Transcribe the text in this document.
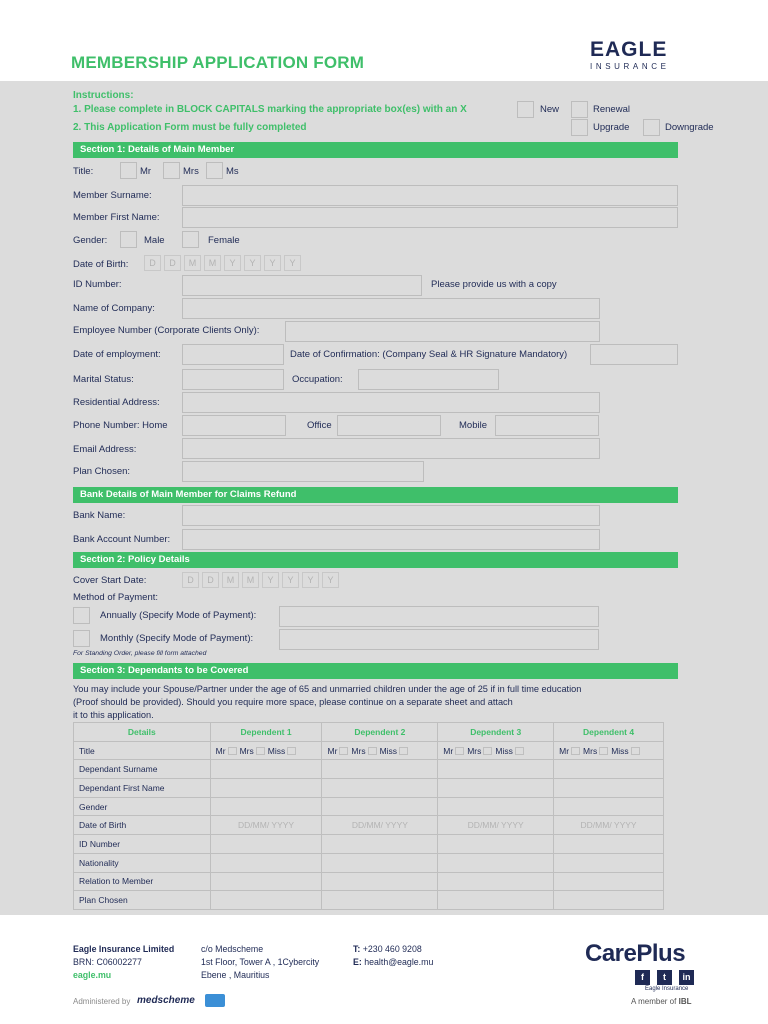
MEMBERSHIP APPLICATION FORM
EAGLE
INSURANCE
Instructions:
1. Please complete in BLOCK CAPITALS marking the appropriate box(es) with an X
2. This Application Form must be fully completed
New	Renewal
Upgrade	Downgrade
Section 1: Details of Main Member
Title:	Mr	Mrs	Ms
Member Surname:
Member First Name:
Gender:	Male	Female
Date of Birth:	D	D	M	M	Y	Y	Y	Y
ID Number:	Please provide us with a copy
Name of Company:
Employee Number (Corporate Clients Only):
Date of employment:	Date of Confirmation: (Company Seal & HR Signature Mandatory)
Marital Status:	Occupation:
Residential Address:
Phone Number: Home	Office	Mobile
Email Address:
Plan Chosen:
Bank Details of Main Member for Claims Refund
Bank Name:
Bank Account Number:
Section 2: Policy Details
Cover Start Date:	D	D	M	M	Y	Y	Y	Y
Method of Payment:
Annually (Specify Mode of Payment):
Monthly (Specify Mode of Payment):
For Standing Order, please fill form attached
Section 3: Dependants to be Covered
You may include your Spouse/Partner under the age of 65 and unmarried children under the age of 25 if in full time education
(Proof should be provided). Should you require more space, please continue on a separate sheet and attach
it to this application.
Details	Dependent 1	Dependent 2	Dependent 3	Dependent 4
Title	Mr Mrs Miss	Mr Mrs Miss	Mr Mrs Miss	Mr Mrs Miss
Dependant Surname				
Dependant First Name				
Gender				
Date of Birth	DD/MM/ YYYY	DD/MM/ YYYY	DD/MM/ YYYY	DD/MM/ YYYY
ID Number				
Nationality				
Relation to Member				
Plan Chosen				
Eagle Insurance Limited
BRN: C06002277
eagle.mu
c/o Medscheme
1st Floor, Tower A , 1Cybercity
Ebene , Mauritius
T: +230 460 9208
E: health@eagle.mu
Administered by medscheme
CarePlus
f	t	in
Eagle Insurance
A member of IBL
